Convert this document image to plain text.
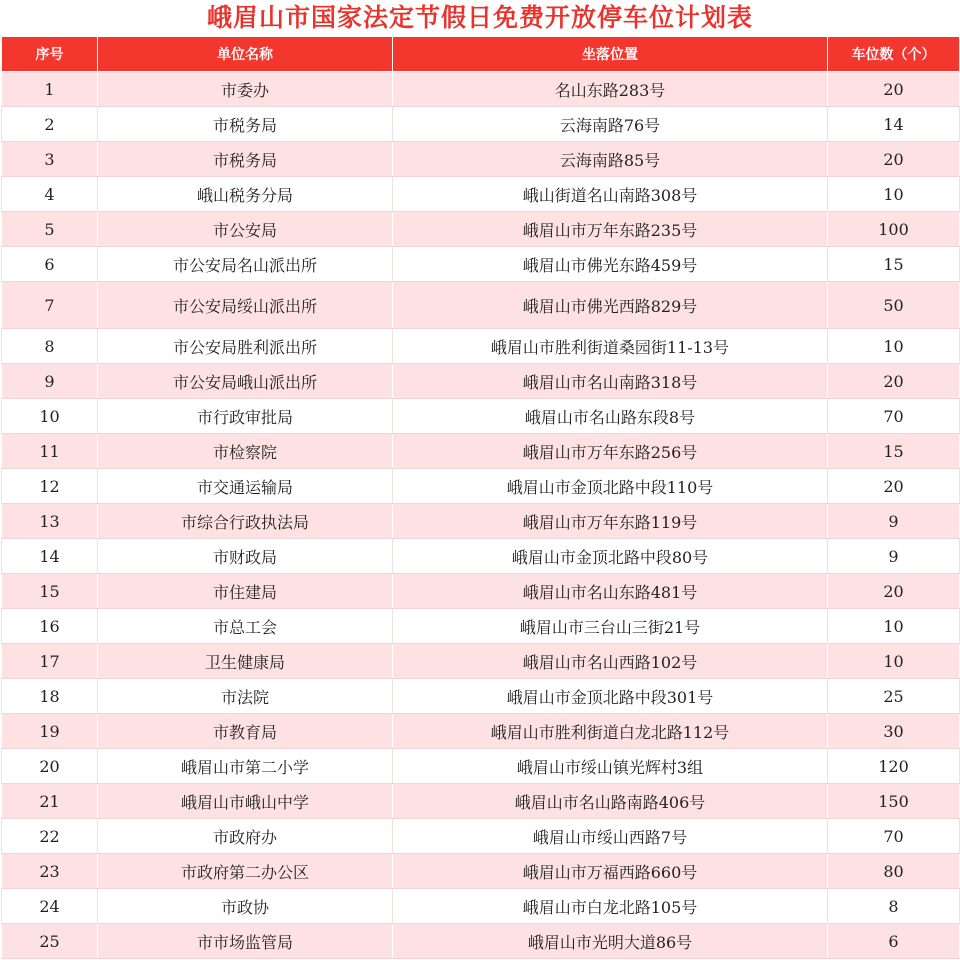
峨眉山市国家法定节假日免费开放停车位计划表
序号	单位名称	坐落位置	车位数（个）
1	市委办	名山东路283号	20
2	市税务局	云海南路76号	14
3	市税务局	云海南路85号	20
4	峨山税务分局	峨山街道名山南路308号	10
5	市公安局	峨眉山市万年东路235号	100
6	市公安局名山派出所	峨眉山市佛光东路459号	15
7	市公安局绥山派出所	峨眉山市佛光西路829号	50
8	市公安局胜利派出所	峨眉山市胜利街道桑园街11-13号	10
9	市公安局峨山派出所	峨眉山市名山南路318号	20
10	市行政审批局	峨眉山市名山路东段8号	70
11	市检察院	峨眉山市万年东路256号	15
12	市交通运输局	峨眉山市金顶北路中段110号	20
13	市综合行政执法局	峨眉山市万年东路119号	9
14	市财政局	峨眉山市金顶北路中段80号	9
15	市住建局	峨眉山市名山东路481号	20
16	市总工会	峨眉山市三台山三街21号	10
17	卫生健康局	峨眉山市名山西路102号	10
18	市法院	峨眉山市金顶北路中段301号	25
19	市教育局	峨眉山市胜利街道白龙北路112号	30
20	峨眉山市第二小学	峨眉山市绥山镇光辉村3组	120
21	峨眉山市峨山中学	峨眉山市名山路南路406号	150
22	市政府办	峨眉山市绥山西路7号	70
23	市政府第二办公区	峨眉山市万福西路660号	80
24	市政协	峨眉山市白龙北路105号	8
25	市市场监管局	峨眉山市光明大道86号	6
